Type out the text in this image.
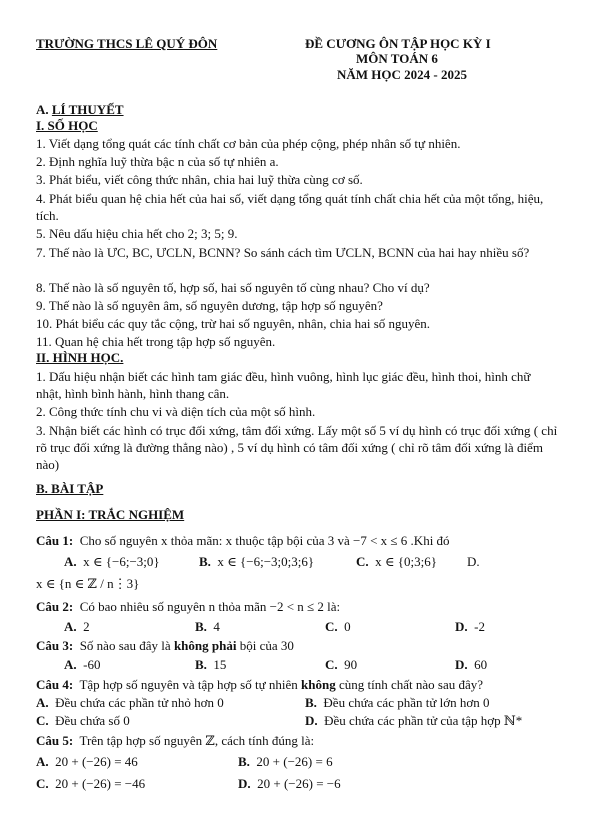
TRƯỜNG THCS LÊ QUÝ ĐÔN	ĐỀ CƯƠNG ÔN TẬP HỌC KỲ I
MÔN TOÁN 6
NĂM HỌC 2024 - 2025
A. LÍ THUYẾT
I. SỐ HỌC
1. Viết dạng tổng quát các tính chất cơ bản của phép cộng, phép nhân số tự nhiên.
2. Định nghĩa luỹ thừa bậc n của số tự nhiên a.
3. Phát biểu, viết công thức nhân, chia hai luỹ thừa cùng cơ số.
4. Phát biểu quan hệ chia hết của hai số, viết dạng tổng quát tính chất chia hết của một tổng, hiệu, tích.
5. Nêu dấu hiệu chia hết cho 2; 3; 5; 9.
7. Thế nào là ƯC, BC, ƯCLN, BCNN? So sánh cách tìm ƯCLN, BCNN của hai hay nhiều số?
8. Thế nào là số nguyên tố, hợp số, hai số nguyên tố cùng nhau? Cho ví dụ?
9. Thế nào là số nguyên âm, số nguyên dương, tập hợp số nguyên?
10. Phát biểu các quy tắc cộng, trừ hai số nguyên, nhân, chia hai số nguyên.
11. Quan hệ chia hết trong tập hợp số nguyên.
II. HÌNH HỌC.
1. Dấu hiệu nhận biết các hình tam giác đều, hình vuông, hình lục giác đều, hình thoi, hình chữ nhật, hình bình hành, hình thang cân.
2. Công thức tính chu vi và diện tích của một số hình.
3. Nhận biết các hình có trục đối xứng, tâm đối xứng. Lấy một số 5 ví dụ hình có trục đối xứng ( chỉ rõ trục đối xứng là đường thẳng nào) , 5 ví dụ hình có tâm đối xứng ( chỉ rõ tâm đối xứng là điểm nào)
B. BÀI TẬP
PHẦN I: TRẮC NGHIỆM
Câu 1: Cho số nguyên x thỏa mãn: x thuộc tập bội của 3 và −7 < x ≤ 6 .Khi đó
A. x ∈ {−6;−3;0}	B. x ∈ {−6;−3;0;3;6}	C. x ∈ {0;3;6} D.
x ∈ {n ∈ ℤ / n⋮3}
Câu 2: Có bao nhiêu số nguyên n thỏa mãn −2 < n ≤ 2 là:
A. 2	B. 4	C. 0	D. -2
Câu 3: Số nào sau đây là không phải bội của 30
A. -60	B. 15	C. 90	D. 60
Câu 4: Tập hợp số nguyên và tập hợp số tự nhiên không cùng tính chất nào sau đây?
A. Đều chứa các phần tử nhỏ hơn 0	B. Đều chứa các phần tử lớn hơn 0
C. Đều chứa số 0	D. Đều chứa các phần tử của tập hợp ℕ*
Câu 5: Trên tập hợp số nguyên ℤ, cách tính đúng là:
A. 20 + (−26) = 46	B. 20 + (−26) = 6
C. 20 + (−26) = −46	D. 20 + (−26) = −6
